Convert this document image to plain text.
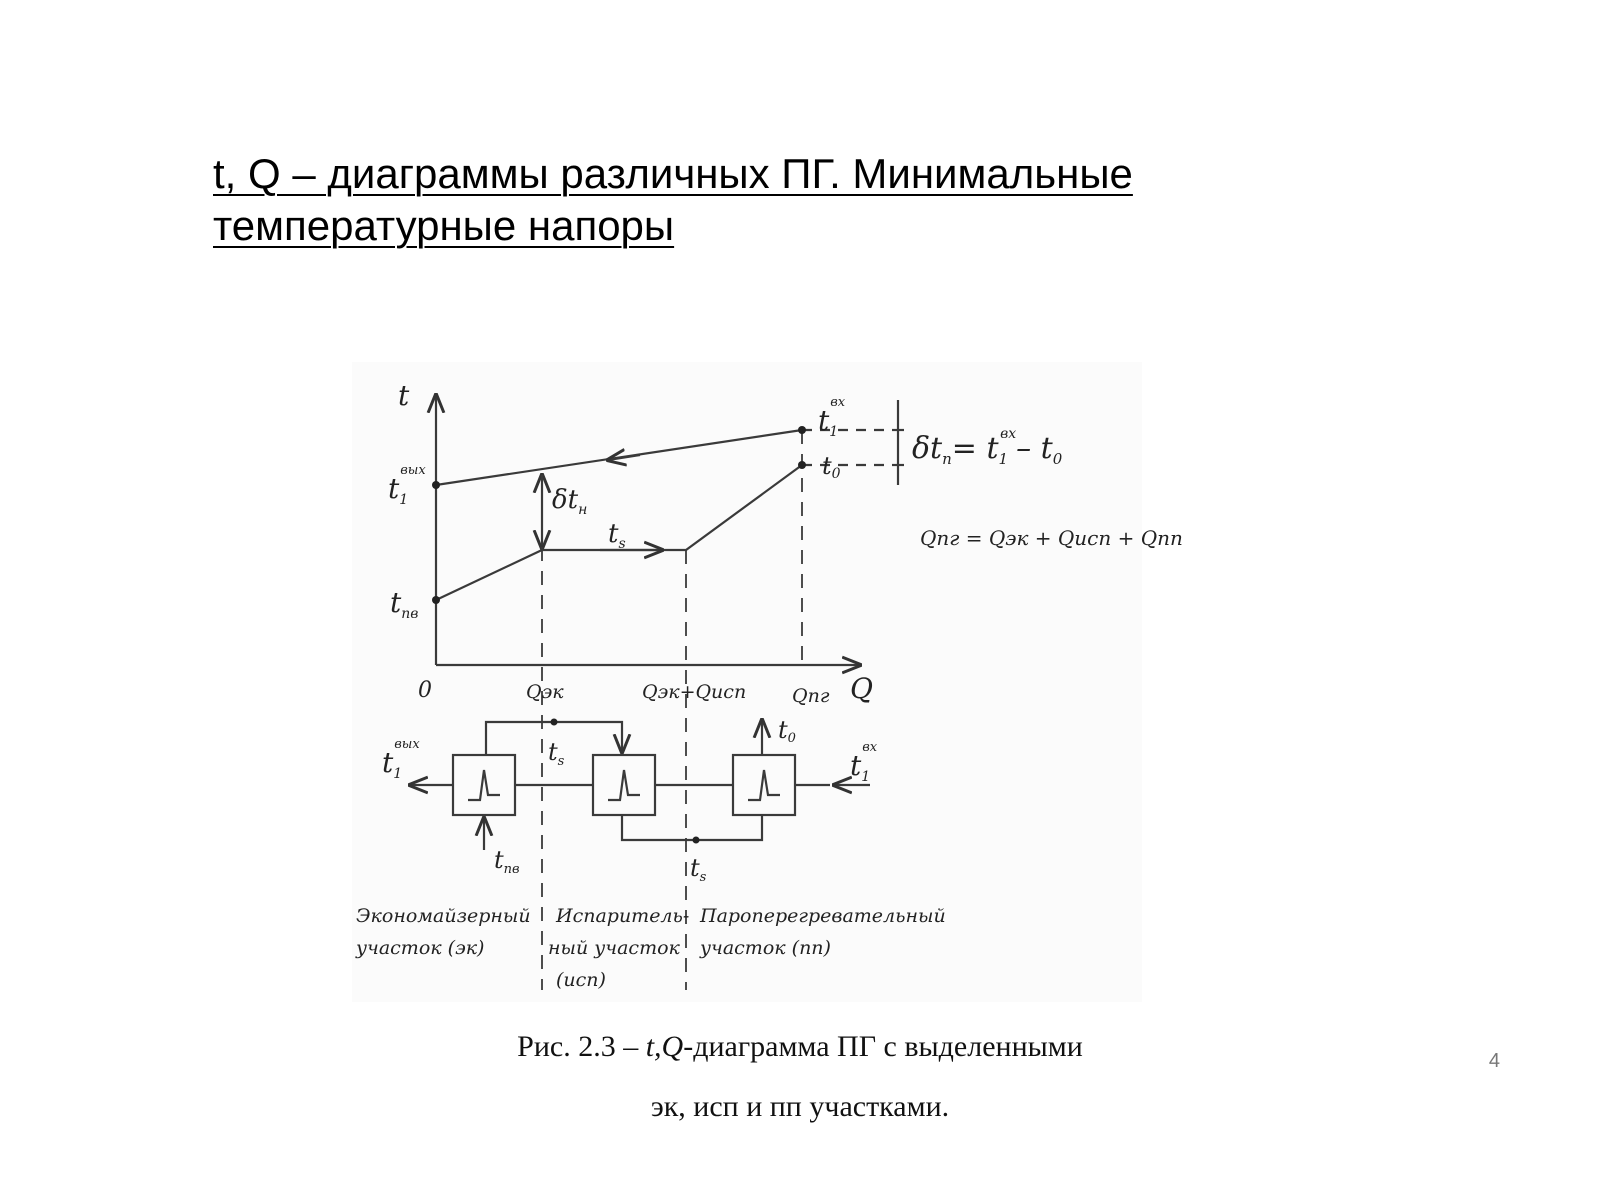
t, Q – диаграммы различных ПГ. Минимальные
температурные напоры
t
Q
0
$t_1вых$
$t_{пв}$
$t_1вх$
t0
$\delta t_н$
$t_s$
$\delta t_п= t_1вх-$ $t_0$
Qпг = Qэк + Qисп + Qпп
Qэк	Qэк+Qисп Qпг
$t_1вых$	$t_s$
t0
$t_1вх$
$t_{пв}$	$t_s$
Экономайзерный
участок (эк)
Испаритель-
ный участок
(исп)
Пароперегревательный
участок (пп)
Рис. 2.3 – t,Q-диаграмма ПГ с выделенными
эк, исп и пп участками.
4
